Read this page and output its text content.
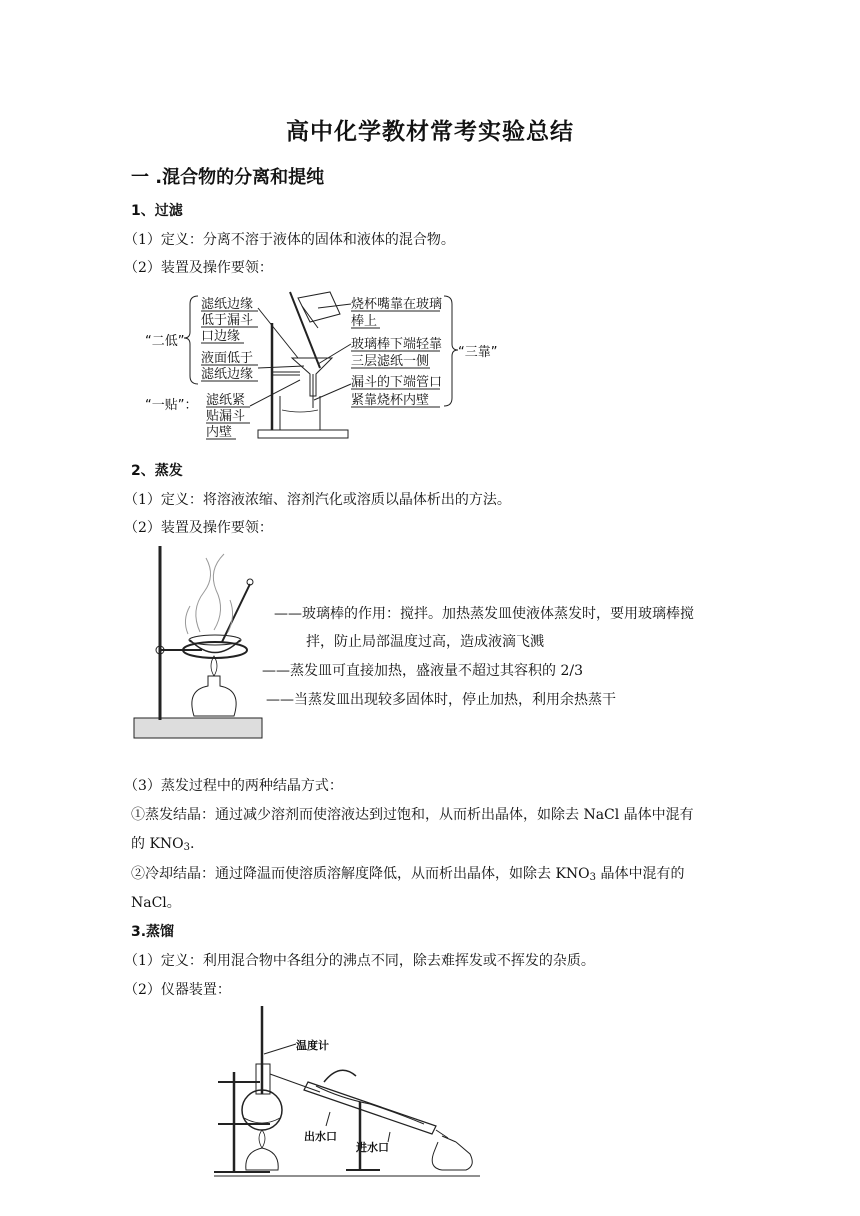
高中化学教材常考实验总结
一 .混合物的分离和提纯
1、过滤
（1）定义：分离不溶于液体的固体和液体的混合物。
（2）装置及操作要领：
“二低”
“一贴”：
“三靠”
滤纸边缘
低于漏斗
口边缘
液面低于
滤纸边缘
滤纸紧
贴漏斗
内壁
烧杯嘴靠在玻璃
棒上
玻璃棒下端轻靠
三层滤纸一侧
漏斗的下端管口
紧靠烧杯内壁
2、蒸发
（1）定义：将溶液浓缩、溶剂汽化或溶质以晶体析出的方法。
（2）装置及操作要领：
——玻璃棒的作用：搅拌。加热蒸发皿使液体蒸发时，要用玻璃棒搅
拌，防止局部温度过高，造成液滴飞溅
——蒸发皿可直接加热，盛液量不超过其容积的 2/3
——当蒸发皿出现较多固体时，停止加热，利用余热蒸干
（3）蒸发过程中的两种结晶方式：
①蒸发结晶：通过减少溶剂而使溶液达到过饱和，从而析出晶体，如除去 NaCl 晶体中混有
的 $KNO_3$.
②冷却结晶：通过降温而使溶质溶解度降低，从而析出晶体，如除去 $KNO_3$ 晶体中混有的
NaCl。
3.蒸馏
（1）定义：利用混合物中各组分的沸点不同，除去难挥发或不挥发的杂质。
（2）仪器装置：
温度计
出水口
进水口
